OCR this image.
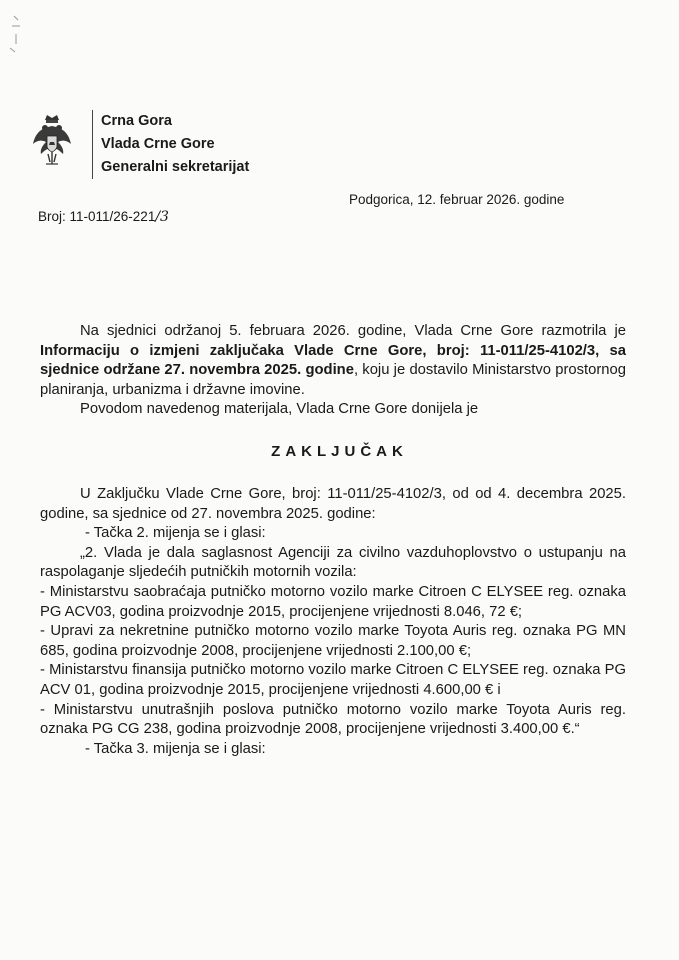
Crna Gora
Vlada Crne Gore
Generalni sekretarijat
Broj: 11-011/26-221/3
Podgorica, 12. februar 2026. godine

Na sjednici održanoj 5. februara 2026. godine, Vlada Crne Gore razmotrila je Informaciju o izmjeni zaključaka Vlade Crne Gore, broj: 11-011/25-4102/3, sa sjednice održane 27. novembra 2025. godine, koju je dostavilo Ministarstvo prostornog planiranja, urbanizma i državne imovine.

Povodom navedenog materijala, Vlada Crne Gore donijela je

ZAKLJUČAK

U Zaključku Vlade Crne Gore, broj: 11-011/25-4102/3, od od 4. decembra 2025. godine, sa sjednice od 27. novembra 2025. godine:

- Tačka 2. mijenja se i glasi:

„2. Vlada je dala saglasnost Agenciji za civilno vazduhoplovstvo o ustupanju na raspolaganje sljedećih putničkih motornih vozila:

- Ministarstvu saobraćaja putničko motorno vozilo marke Citroen C ELYSEE reg. oznaka PG ACV03, godina proizvodnje 2015, procijenjene vrijednosti 8.046, 72 €;

- Upravi za nekretnine putničko motorno vozilo marke Toyota Auris reg. oznaka PG MN 685, godina proizvodnje 2008, procijenjene vrijednosti 2.100,00 €;

- Ministarstvu finansija putničko motorno vozilo marke Citroen C ELYSEE reg. oznaka PG ACV 01, godina proizvodnje 2015, procijenjene vrijednosti 4.600,00 € i

- Ministarstvu unutrašnjih poslova putničko motorno vozilo marke Toyota Auris reg. oznaka PG CG 238, godina proizvodnje 2008, procijenjene vrijednosti 3.400,00 €.“

- Tačka 3. mijenja se i glasi:
